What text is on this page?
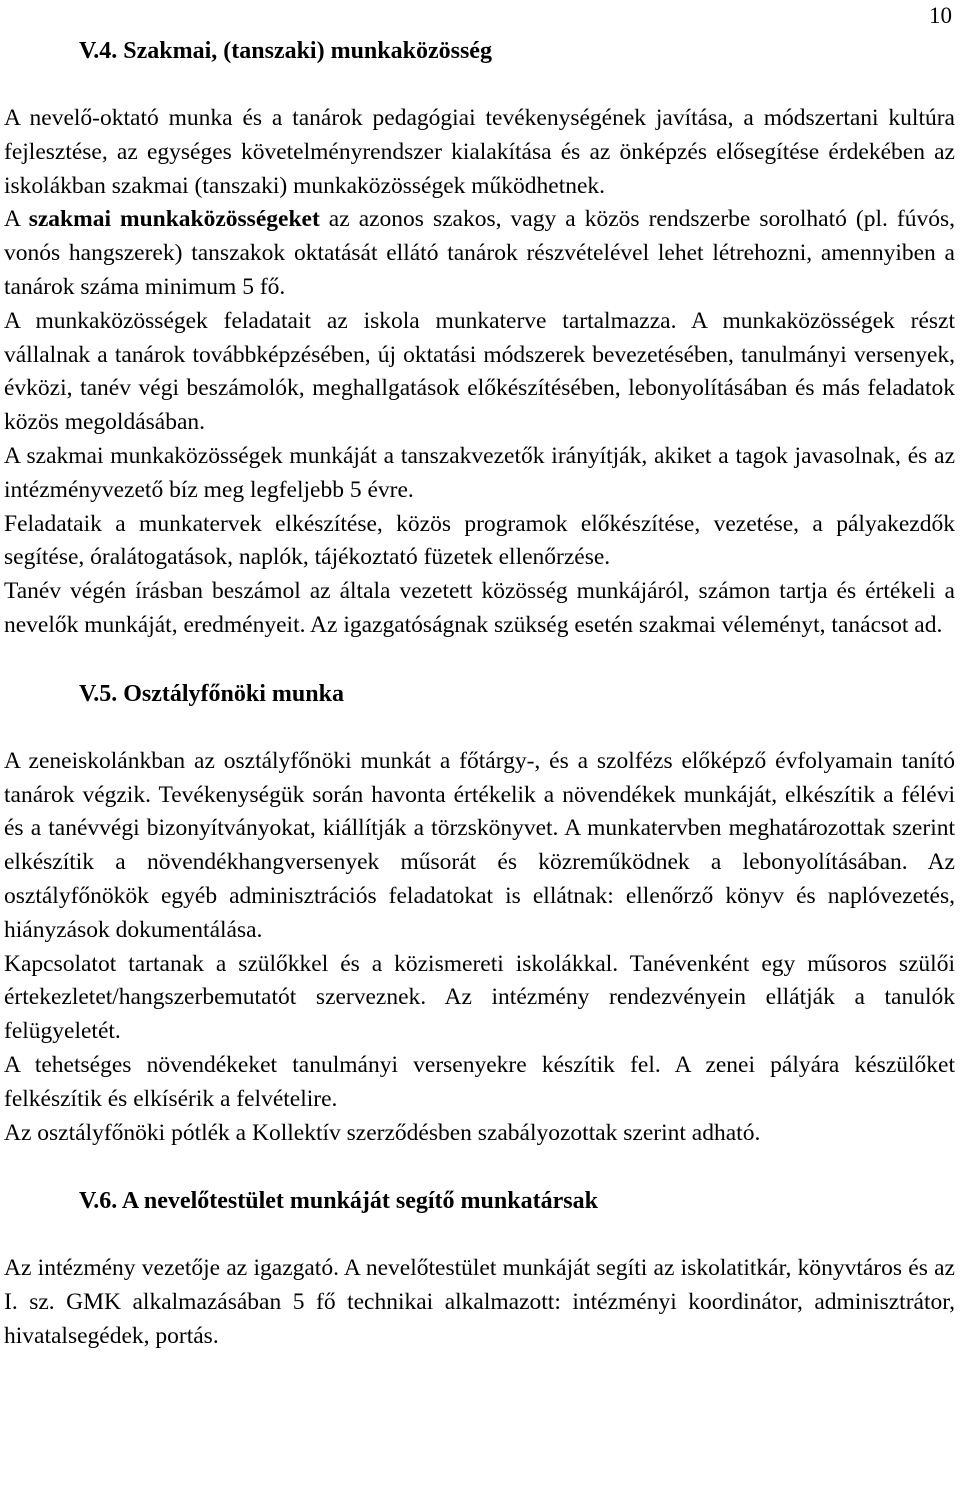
10
V.4. Szakmai, (tanszaki) munkaközösség

A nevelő-oktató munka és a tanárok pedagógiai tevékenységének javítása, a módszertani kultúra fejlesztése, az egységes követelményrendszer kialakítása és az önképzés elősegítése érdekében az iskolákban szakmai (tanszaki) munkaközösségek működhetnek.

A szakmai munkaközösségeket az azonos szakos, vagy a közös rendszerbe sorolható (pl. fúvós, vonós hangszerek) tanszakok oktatását ellátó tanárok részvételével lehet létrehozni, amennyiben a tanárok száma minimum 5 fő.

A munkaközösségek feladatait az iskola munkaterve tartalmazza. A munkaközösségek részt vállalnak a tanárok továbbképzésében, új oktatási módszerek bevezetésében, tanulmányi versenyek, évközi, tanév végi beszámolók, meghallgatások előkészítésében, lebonyolításában és más feladatok közös megoldásában.

A szakmai munkaközösségek munkáját a tanszakvezetők irányítják, akiket a tagok javasolnak, és az intézményvezető bíz meg legfeljebb 5 évre.

Feladataik a munkatervek elkészítése, közös programok előkészítése, vezetése, a pályakezdők segítése, óralátogatások, naplók, tájékoztató füzetek ellenőrzése.

Tanév végén írásban beszámol az általa vezetett közösség munkájáról, számon tartja és értékeli a nevelők munkáját, eredményeit. Az igazgatóságnak szükség esetén szakmai véleményt, tanácsot ad.

V.5. Osztályfőnöki munka

A zeneiskolánkban az osztályfőnöki munkát a főtárgy-, és a szolfézs előképző évfolyamain tanító tanárok végzik. Tevékenységük során havonta értékelik a növendékek munkáját, elkészítik a félévi és a tanévvégi bizonyítványokat, kiállítják a törzskönyvet. A munkatervben meghatározottak szerint elkészítik a növendékhangversenyek műsorát és közreműködnek a lebonyolításában. Az osztályfőnökök egyéb adminisztrációs feladatokat is ellátnak: ellenőrző könyv és naplóvezetés, hiányzások dokumentálása.

Kapcsolatot tartanak a szülőkkel és a közismereti iskolákkal. Tanévenként egy műsoros szülői értekezletet/hangszerbemutatót szerveznek. Az intézmény rendezvényein ellátják a tanulók felügyeletét.

A tehetséges növendékeket tanulmányi versenyekre készítik fel. A zenei pályára készülőket felkészítik és elkísérik a felvételire.

Az osztályfőnöki pótlék a Kollektív szerződésben szabályozottak szerint adható.

V.6. A nevelőtestület munkáját segítő munkatársak

Az intézmény vezetője az igazgató. A nevelőtestület munkáját segíti az iskolatitkár, könyvtáros és az I. sz. GMK alkalmazásában 5 fő technikai alkalmazott: intézményi koordinátor, adminisztrátor, hivatalsegédek, portás.
